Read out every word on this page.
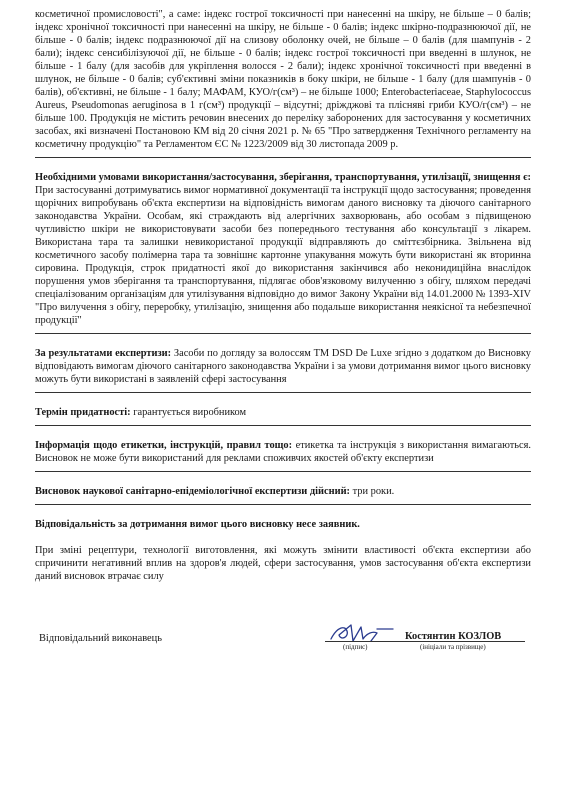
косметичної промисловості", а саме: індекс гострої токсичності при нанесенні на шкіру, не більше – 0 балів; індекс хронічної токсичності при нанесенні на шкіру, не більше - 0 балів; індекс шкірно-подразнюючої дії, не більше - 0 балів; індекс подразнюючої дії на слизову оболонку очей, не більше – 0 балів (для шампунів - 2 бали); індекс сенсибілізуючої дії, не більше - 0 балів; індекс гострої токсичності при введенні в шлунок, не більше - 1 балу (для засобів для укріплення волосся - 2 бали); індекс хронічної токсичності при введенні в шлунок, не більше - 0 балів; суб'єктивні зміни показників в боку шкіри, не більше - 1 балу (для шампунів - 0 балів), об'єктивні, не більше - 1 балу; МАФАМ, КУО/г(см³) – не більше 1000; Enterobacteriaceae, Staphylococcus Aureus, Pseudomonas aeruginosa в 1 г(см³) продукції – відсутні; дріжджові та плісняві гриби КУО/г(см³) – не більше 100. Продукція не містить речовин внесених до переліку заборонених для застосування у косметичних засобах, які визначені Постановою КМ від 20 січня 2021 р. № 65 "Про затвердження Технічного регламенту на косметичну продукцію" та Регламентом ЄС № 1223/2009 від 30 листопада 2009 р.

Необхідними умовами використання/застосування, зберігання, транспортування, утилізації, знищення є: При застосуванні дотримуватись вимог нормативної документації та інструкції щодо застосування; проведення щорічних випробувань об'єкта експертизи на відповідність вимогам даного висновку та діючого санітарного законодавства України. Особам, які страждають від алергічних захворювань, або особам з підвищеною чутливістю шкіри не використовувати засоби без попереднього тестування або консультації з лікарем. Використана тара та залишки невикористаної продукції відправляють до сміттєзбірника. Звільнена від косметичного засобу полімерна тара та зовнішнє картонне упакування можуть бути використані як вторинна сировина. Продукція, строк придатності якої до використання закінчився або неконидиційна внаслідок порушення умов зберігання та транспортування, підлягає обов'язковому вилученню з обігу, шляхом передачі спеціалізованим організаціям для утилізування відповідно до вимог Закону України від 14.01.2000 № 1393-XIV "Про вилучення з обігу, переробку, утилізацію, знищення або подальше використання неякісної та небезпечної продукції"

За результатами експертизи: Засоби по догляду за волоссям ТМ DSD De Luxe згідно з додатком до Висновку відповідають вимогам діючого санітарного законодавства України і за умови дотримання вимог цього висновку можуть бути використані в заявленій сфері застосування

Термін придатності: гарантується виробником

Інформація щодо етикетки, інструкцій, правил тощо: етикетка та інструкція з використання вимагаються. Висновок не може бути використаний для реклами споживчих якостей об'єкту експертизи

Висновок наукової санітарно-епідеміологічної експертизи дійсний: три роки.

Відповідальність за дотримання вимог цього висновку несе заявник.

При зміні рецептури, технології виготовлення, які можуть змінити властивості об'єкта експертизи або спричинити негативний вплив на здоров'я людей, сфери застосування, умов застосування об'єкта експертизи даний висновок втрачає силу

Відповідальний виконавець
(підпис)
Костянтин КОЗЛОВ
(ініціали та прізвище)
